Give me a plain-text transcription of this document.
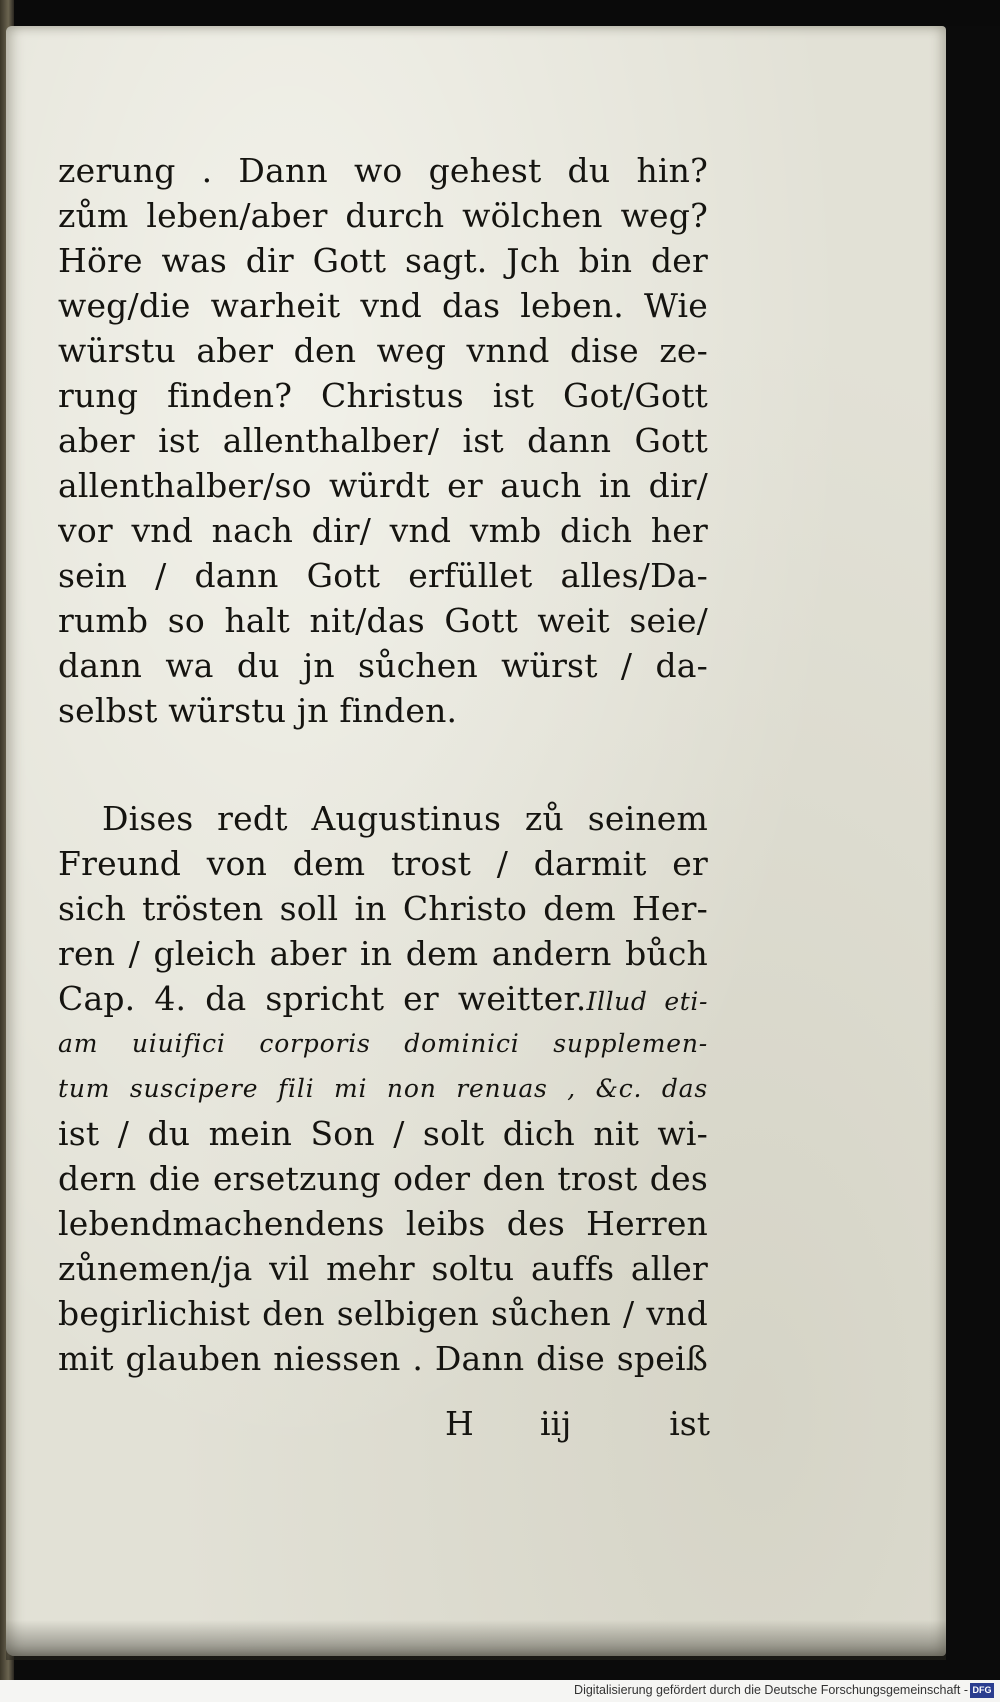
zerung . Dann wo gehest du hin?
zům leben/aber durch wölchen weg?
Höre was dir Gott sagt. Jch bin der
weg/die warheit vnd das leben. Wie
würstu aber den weg vnnd dise ze-
rung finden? Christus ist Got/Gott
aber ist allenthalber/ ist dann Gott
allenthalber/so würdt er auch in dir/
vor vnd nach dir/ vnd vmb dich her
sein / dann Gott erfüllet alles/Da-
rumb so halt nit/das Gott weit seie/
dann wa du jn sůchen würst / da-
selbst würstu jn finden.
Dises redt Augustinus zů seinem
Freund von dem trost / darmit er
sich trösten soll in Christo dem Her-
ren / gleich aber in dem andern bůch
Cap. 4. da spricht er weitter.Illud eti-
am uiuifici corporis dominici supplemen-
tum suscipere fili mi non renuas , &c. das
ist / du mein Son / solt dich nit wi-
dern die ersetzung oder den trost des
lebendmachendens leibs des Herren
zůnemen/ja vil mehr soltu auffs aller
begirlichist den selbigen sůchen / vnd
mit glauben niessen . Dann dise speiß
H iij	ist
Digitalisierung gefördert durch die Deutsche Forschungsgemeinschaft - DFG
